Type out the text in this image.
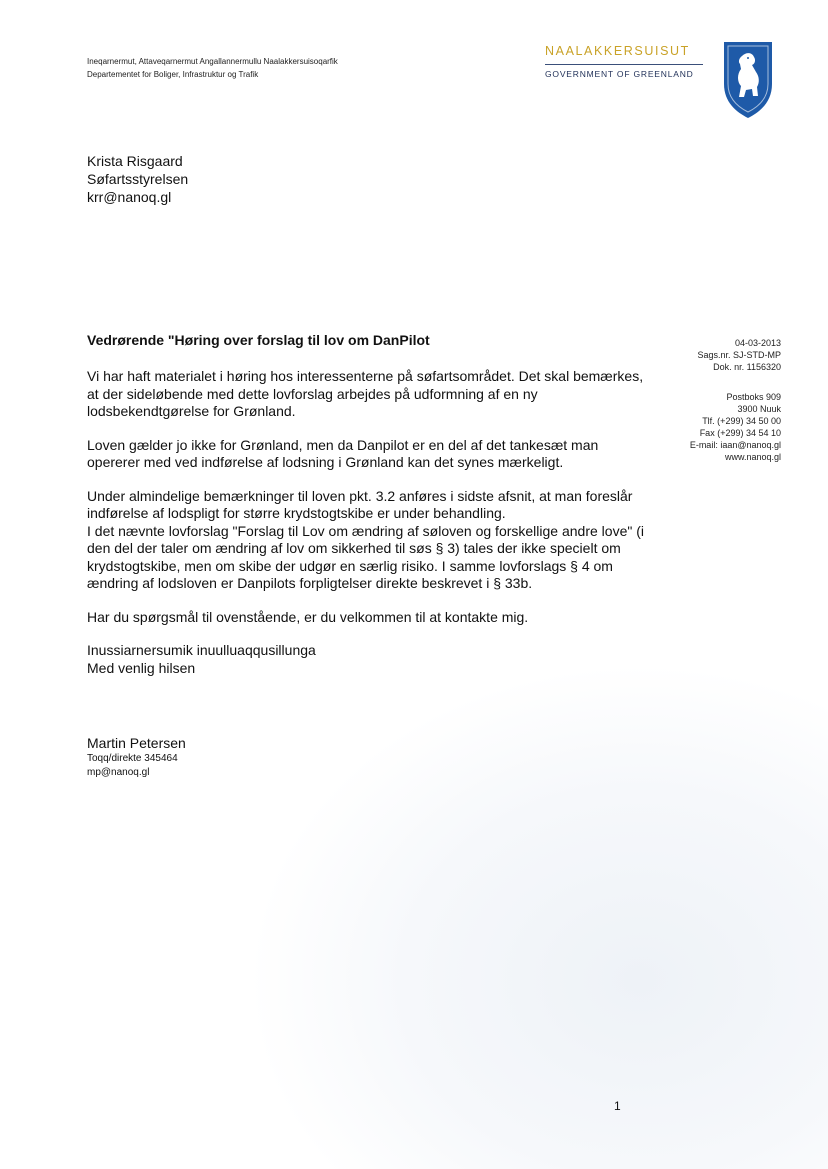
Ineqarnermut, Attaveqarnermut Angallannermullu Naalakkersuisoqarfik
Departementet for Boliger, Infrastruktur og Trafik
NAALAKKERSUISUT
GOVERNMENT OF GREENLAND
Krista Risgaard
Søfartsstyrelsen
krr@nanoq.gl
Vedrørende "Høring over forslag til lov om DanPilot

Vi har haft materialet i høring hos interessenterne på søfartsområdet. Det skal bemærkes, at der sideløbende med dette lovforslag arbejdes på udformning af en ny lodsbekendtgørelse for Grønland.

Loven gælder jo ikke for Grønland, men da Danpilot er en del af det tankesæt man opererer med ved indførelse af lodsning i Grønland kan det synes mærkeligt.

Under almindelige bemærkninger til loven pkt. 3.2 anføres i sidste afsnit, at man foreslår indførelse af lodspligt for større krydstogtskibe er under behandling.
I det nævnte lovforslag "Forslag til Lov om ændring af søloven og forskellige andre love" (i den del der taler om ændring af lov om sikkerhed til søs § 3) tales der ikke specielt om krydstogtskibe, men om skibe der udgør en særlig risiko. I samme lovforslags § 4 om ændring af lodsloven er Danpilots forpligtelser direkte beskrevet i § 33b.

Har du spørgsmål til ovenstående, er du velkommen til at kontakte mig.

Inussiarnersumik inuulluaqqusillunga
Med venlig hilsen

Martin Petersen
Toqq/direkte 345464
mp@nanoq.gl
04-03-2013
Sags.nr. SJ-STD-MP
Dok. nr. 1156320
Postboks 909
3900 Nuuk
Tlf. (+299) 34 50 00
Fax (+299) 34 54 10
E-mail: iaan@nanoq.gl
www.nanoq.gl
1
